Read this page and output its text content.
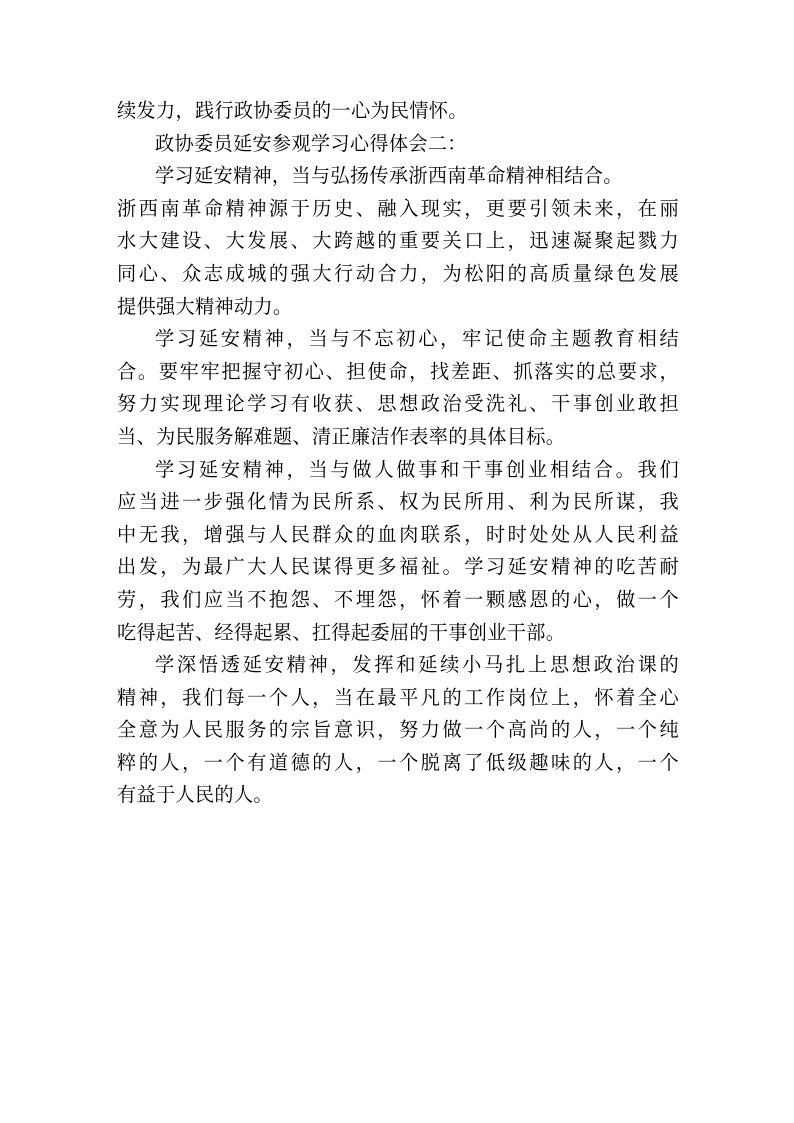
续发力，践行政协委员的一心为民情怀。
政协委员延安参观学习心得体会二：
学习延安精神，当与弘扬传承浙西南革命精神相结合。
浙西南革命精神源于历史、融入现实，更要引领未来，在丽
水大建设、大发展、大跨越的重要关口上，迅速凝聚起戮力
同心、众志成城的强大行动合力，为松阳的高质量绿色发展
提供强大精神动力。
学习延安精神，当与不忘初心，牢记使命主题教育相结
合。要牢牢把握守初心、担使命，找差距、抓落实的总要求，
努力实现理论学习有收获、思想政治受洗礼、干事创业敢担
当、为民服务解难题、清正廉洁作表率的具体目标。
学习延安精神，当与做人做事和干事创业相结合。我们
应当进一步强化情为民所系、权为民所用、利为民所谋，我
中无我，增强与人民群众的血肉联系，时时处处从人民利益
出发，为最广大人民谋得更多福祉。学习延安精神的吃苦耐
劳，我们应当不抱怨、不埋怨，怀着一颗感恩的心，做一个
吃得起苦、经得起累、扛得起委屈的干事创业干部。
学深悟透延安精神，发挥和延续小马扎上思想政治课的
精神，我们每一个人，当在最平凡的工作岗位上，怀着全心
全意为人民服务的宗旨意识，努力做一个高尚的人，一个纯
粹的人，一个有道德的人，一个脱离了低级趣味的人，一个
有益于人民的人。
